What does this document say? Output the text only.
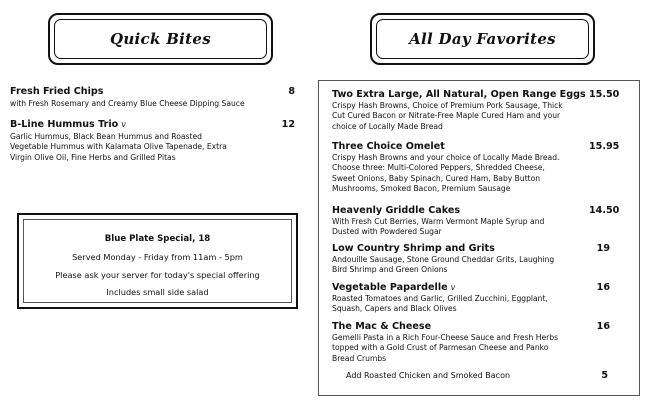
Quick Bites	All Day Favorites
Fresh Fried Chips	8
with Fresh Rosemary and Creamy Blue Cheese Dipping Sauce
B-Line Hummus Trio v	12
Garlic Hummus, Black Bean Hummus and Roasted
Vegetable Hummus with Kalamata Olive Tapenade, Extra
Virgin Olive Oil, Fine Herbs and Grilled Pitas
Blue Plate Special, 18
Served Monday - Friday from 11am - 5pm
Please ask your server for today's special offering
Includes small side salad
Two Extra Large, All Natural, Open Range Eggs 15.50
Crispy Hash Browns, Choice of Premium Pork Sausage, Thick
Cut Cured Bacon or Nitrate-Free Maple Cured Ham and your
choice of Locally Made Bread
Three Choice Omelet	15.95
Crispy Hash Browns and your choice of Locally Made Bread.
Choose three: Multi-Colored Peppers, Shredded Cheese,
Sweet Onions, Baby Spinach, Cured Ham, Baby Button
Mushrooms, Smoked Bacon, Premium Sausage
Heavenly Griddle Cakes	14.50
With Fresh Cut Berries, Warm Vermont Maple Syrup and
Dusted with Powdered Sugar
Low Country Shrimp and Grits	19
Andouille Sausage, Stone Ground Cheddar Grits, Laughing
Bird Shrimp and Green Onions
Vegetable Papardelle v	16
Roasted Tomatoes and Garlic, Grilled Zucchini, Eggplant,
Squash, Capers and Black Olives
The Mac & Cheese	16
Gemelli Pasta in a Rich Four-Cheese Sauce and Fresh Herbs
topped with a Gold Crust of Parmesan Cheese and Panko
Bread Crumbs
Add Roasted Chicken and Smoked Bacon	5
